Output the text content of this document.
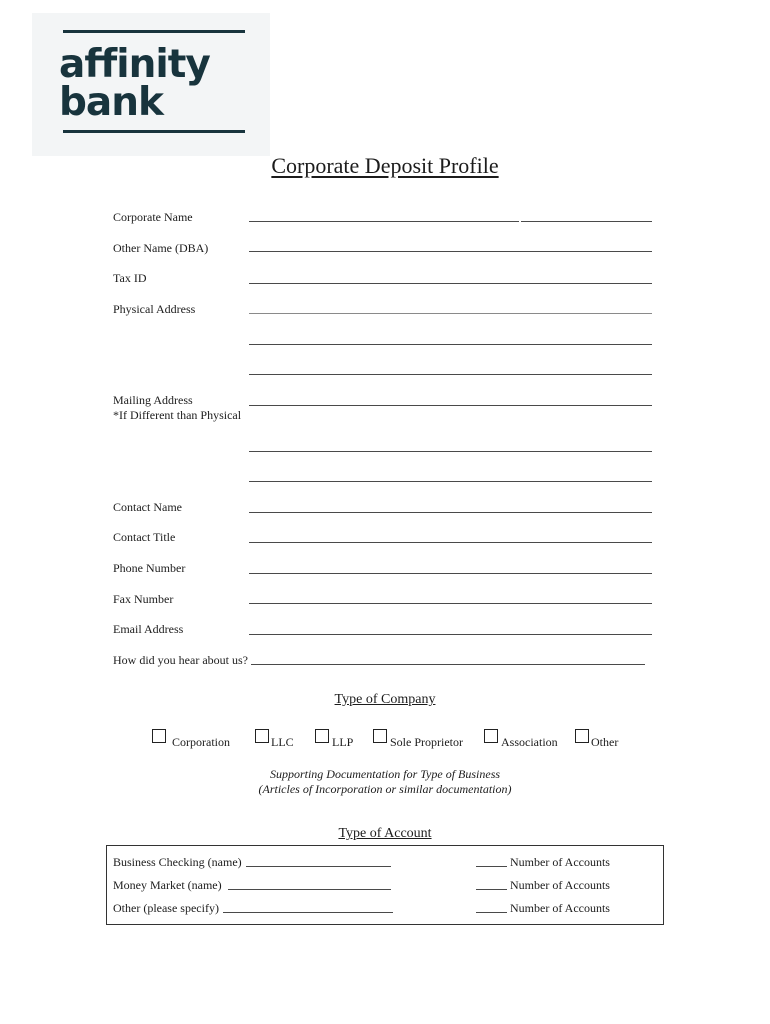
affinity
bank
Corporate Deposit Profile
Corporate Name
Other Name (DBA)
Tax ID
Physical Address
Mailing Address
*If Different than Physical
Contact Name
Contact Title
Phone Number
Fax Number
Email Address
How did you hear about us?
Type of Company
Corporation	LLC	LLP	Sole Proprietor	Association	Other
Supporting Documentation for Type of Business
(Articles of Incorporation or similar documentation)
Type of Account
Business Checking (name)	Number of Accounts
Money Market (name)	Number of Accounts
Other (please specify)	Number of Accounts
